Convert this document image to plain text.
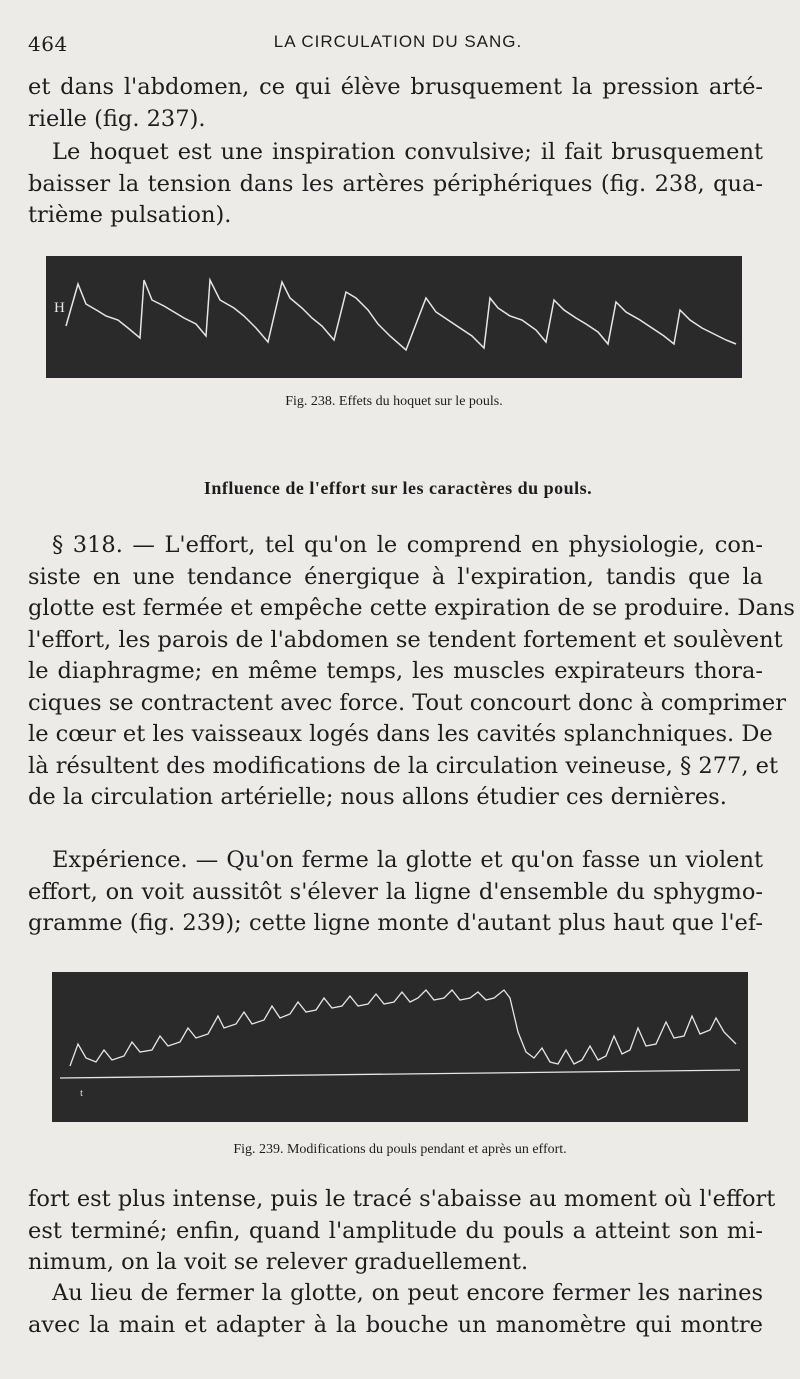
464	LA CIRCULATION DU SANG.
et dans l'abdomen, ce qui élève brusquement la pression arté-
rielle (fig. 237).
Le hoquet est une inspiration convulsive; il fait brusquement
baisser la tension dans les artères périphériques (fig. 238, qua-
trième pulsation).
H
Fig. 238. Effets du hoquet sur le pouls.
Influence de l'effort sur les caractères du pouls.
§ 318. — L'effort, tel qu'on le comprend en physiologie, con-
siste en une tendance énergique à l'expiration, tandis que la
glotte est fermée et empêche cette expiration de se produire. Dans
l'effort, les parois de l'abdomen se tendent fortement et soulèvent
le diaphragme; en même temps, les muscles expirateurs thora-
ciques se contractent avec force. Tout concourt donc à comprimer
le cœur et les vaisseaux logés dans les cavités splanchniques. De
là résultent des modifications de la circulation veineuse, § 277, et
de la circulation artérielle; nous allons étudier ces dernières.
Expérience. — Qu'on ferme la glotte et qu'on fasse un violent
effort, on voit aussitôt s'élever la ligne d'ensemble du sphygmo-
gramme (fig. 239); cette ligne monte d'autant plus haut que l'ef-
t
Fig. 239. Modifications du pouls pendant et après un effort.
fort est plus intense, puis le tracé s'abaisse au moment où l'effort
est terminé; enfin, quand l'amplitude du pouls a atteint son mi-
nimum, on la voit se relever graduellement.
Au lieu de fermer la glotte, on peut encore fermer les narines
avec la main et adapter à la bouche un manomètre qui montre
